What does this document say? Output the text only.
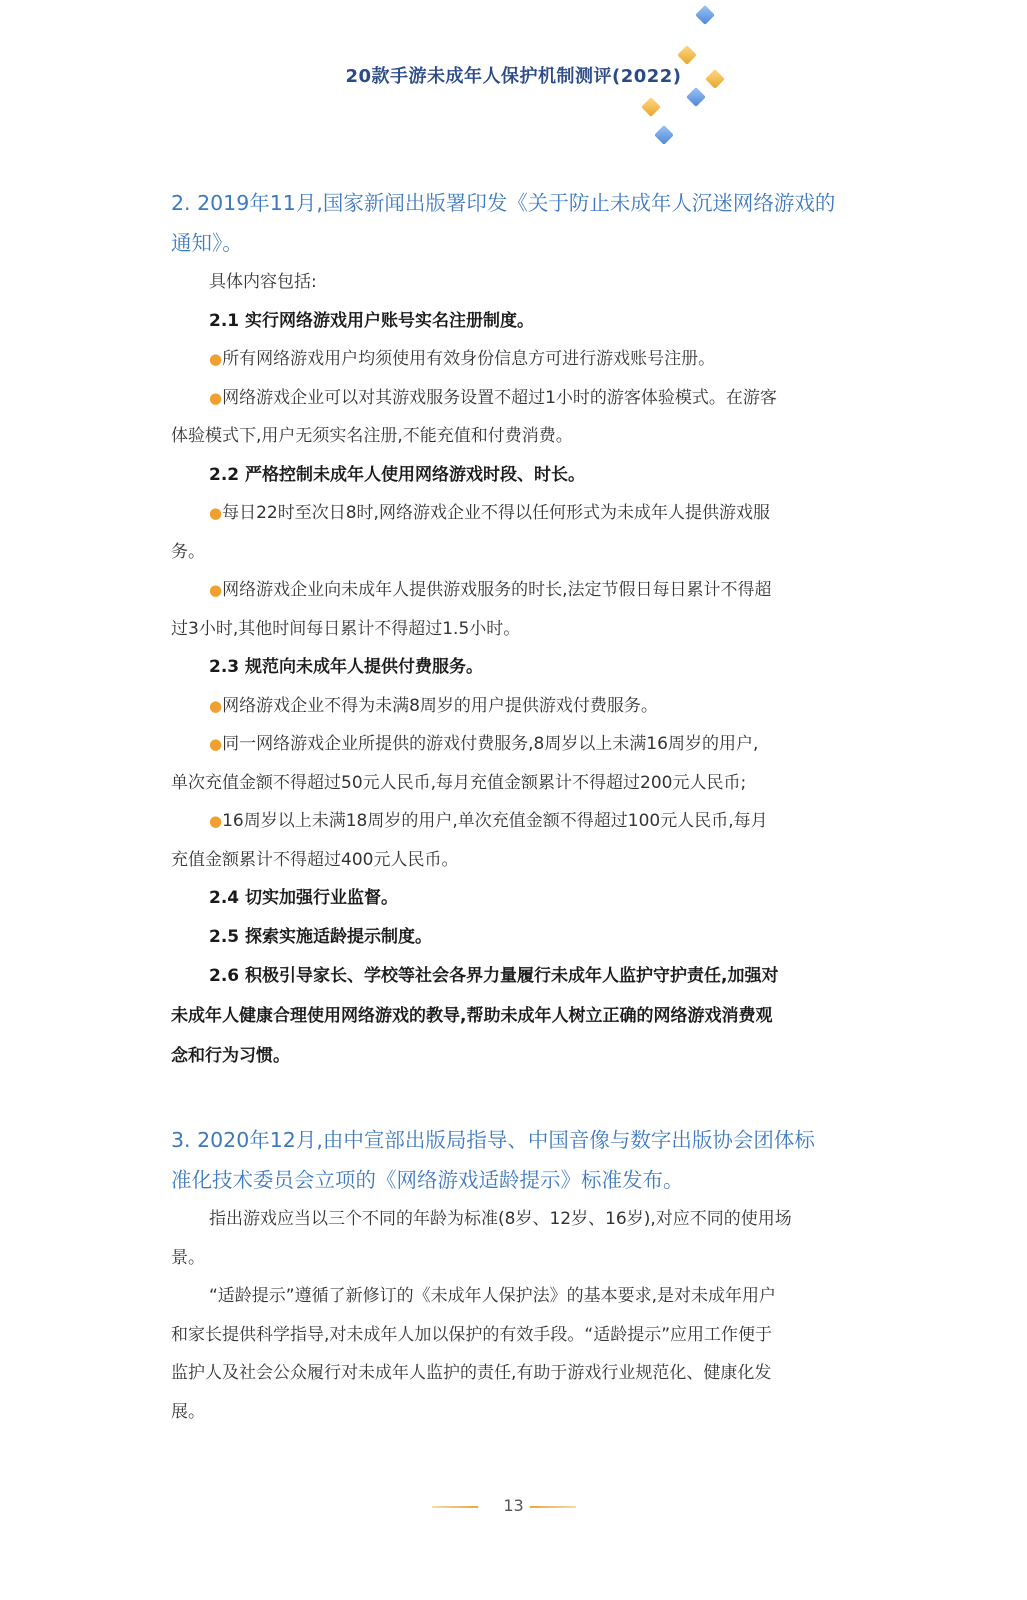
20款手游未成年人保护机制测评(2022)

2. 2019年11月,国家新闻出版署印发《关于防止未成年人沉迷网络游戏的

通知》。

具体内容包括:

2.1 实行网络游戏用户账号实名注册制度。

●所有网络游戏用户均须使用有效身份信息方可进行游戏账号注册。

●网络游戏企业可以对其游戏服务设置不超过1小时的游客体验模式。在游客

体验模式下,用户无须实名注册,不能充值和付费消费。

2.2 严格控制未成年人使用网络游戏时段、时长。

●每日22时至次日8时,网络游戏企业不得以任何形式为未成年人提供游戏服

务。

●网络游戏企业向未成年人提供游戏服务的时长,法定节假日每日累计不得超

过3小时,其他时间每日累计不得超过1.5小时。

2.3 规范向未成年人提供付费服务。

●网络游戏企业不得为未满8周岁的用户提供游戏付费服务。

●同一网络游戏企业所提供的游戏付费服务,8周岁以上未满16周岁的用户,

单次充值金额不得超过50元人民币,每月充值金额累计不得超过200元人民币;

●16周岁以上未满18周岁的用户,单次充值金额不得超过100元人民币,每月

充值金额累计不得超过400元人民币。

2.4 切实加强行业监督。

2.5 探索实施适龄提示制度。

2.6 积极引导家长、学校等社会各界力量履行未成年人监护守护责任,加强对

未成年人健康合理使用网络游戏的教导,帮助未成年人树立正确的网络游戏消费观

念和行为习惯。

3. 2020年12月,由中宣部出版局指导、中国音像与数字出版协会团体标

准化技术委员会立项的《网络游戏适龄提示》标准发布。

指出游戏应当以三个不同的年龄为标准(8岁、12岁、16岁),对应不同的使用场

景。

“适龄提示”遵循了新修订的《未成年人保护法》的基本要求,是对未成年用户

和家长提供科学指导,对未成年人加以保护的有效手段。“适龄提示”应用工作便于

监护人及社会公众履行对未成年人监护的责任,有助于游戏行业规范化、健康化发

展。

13
